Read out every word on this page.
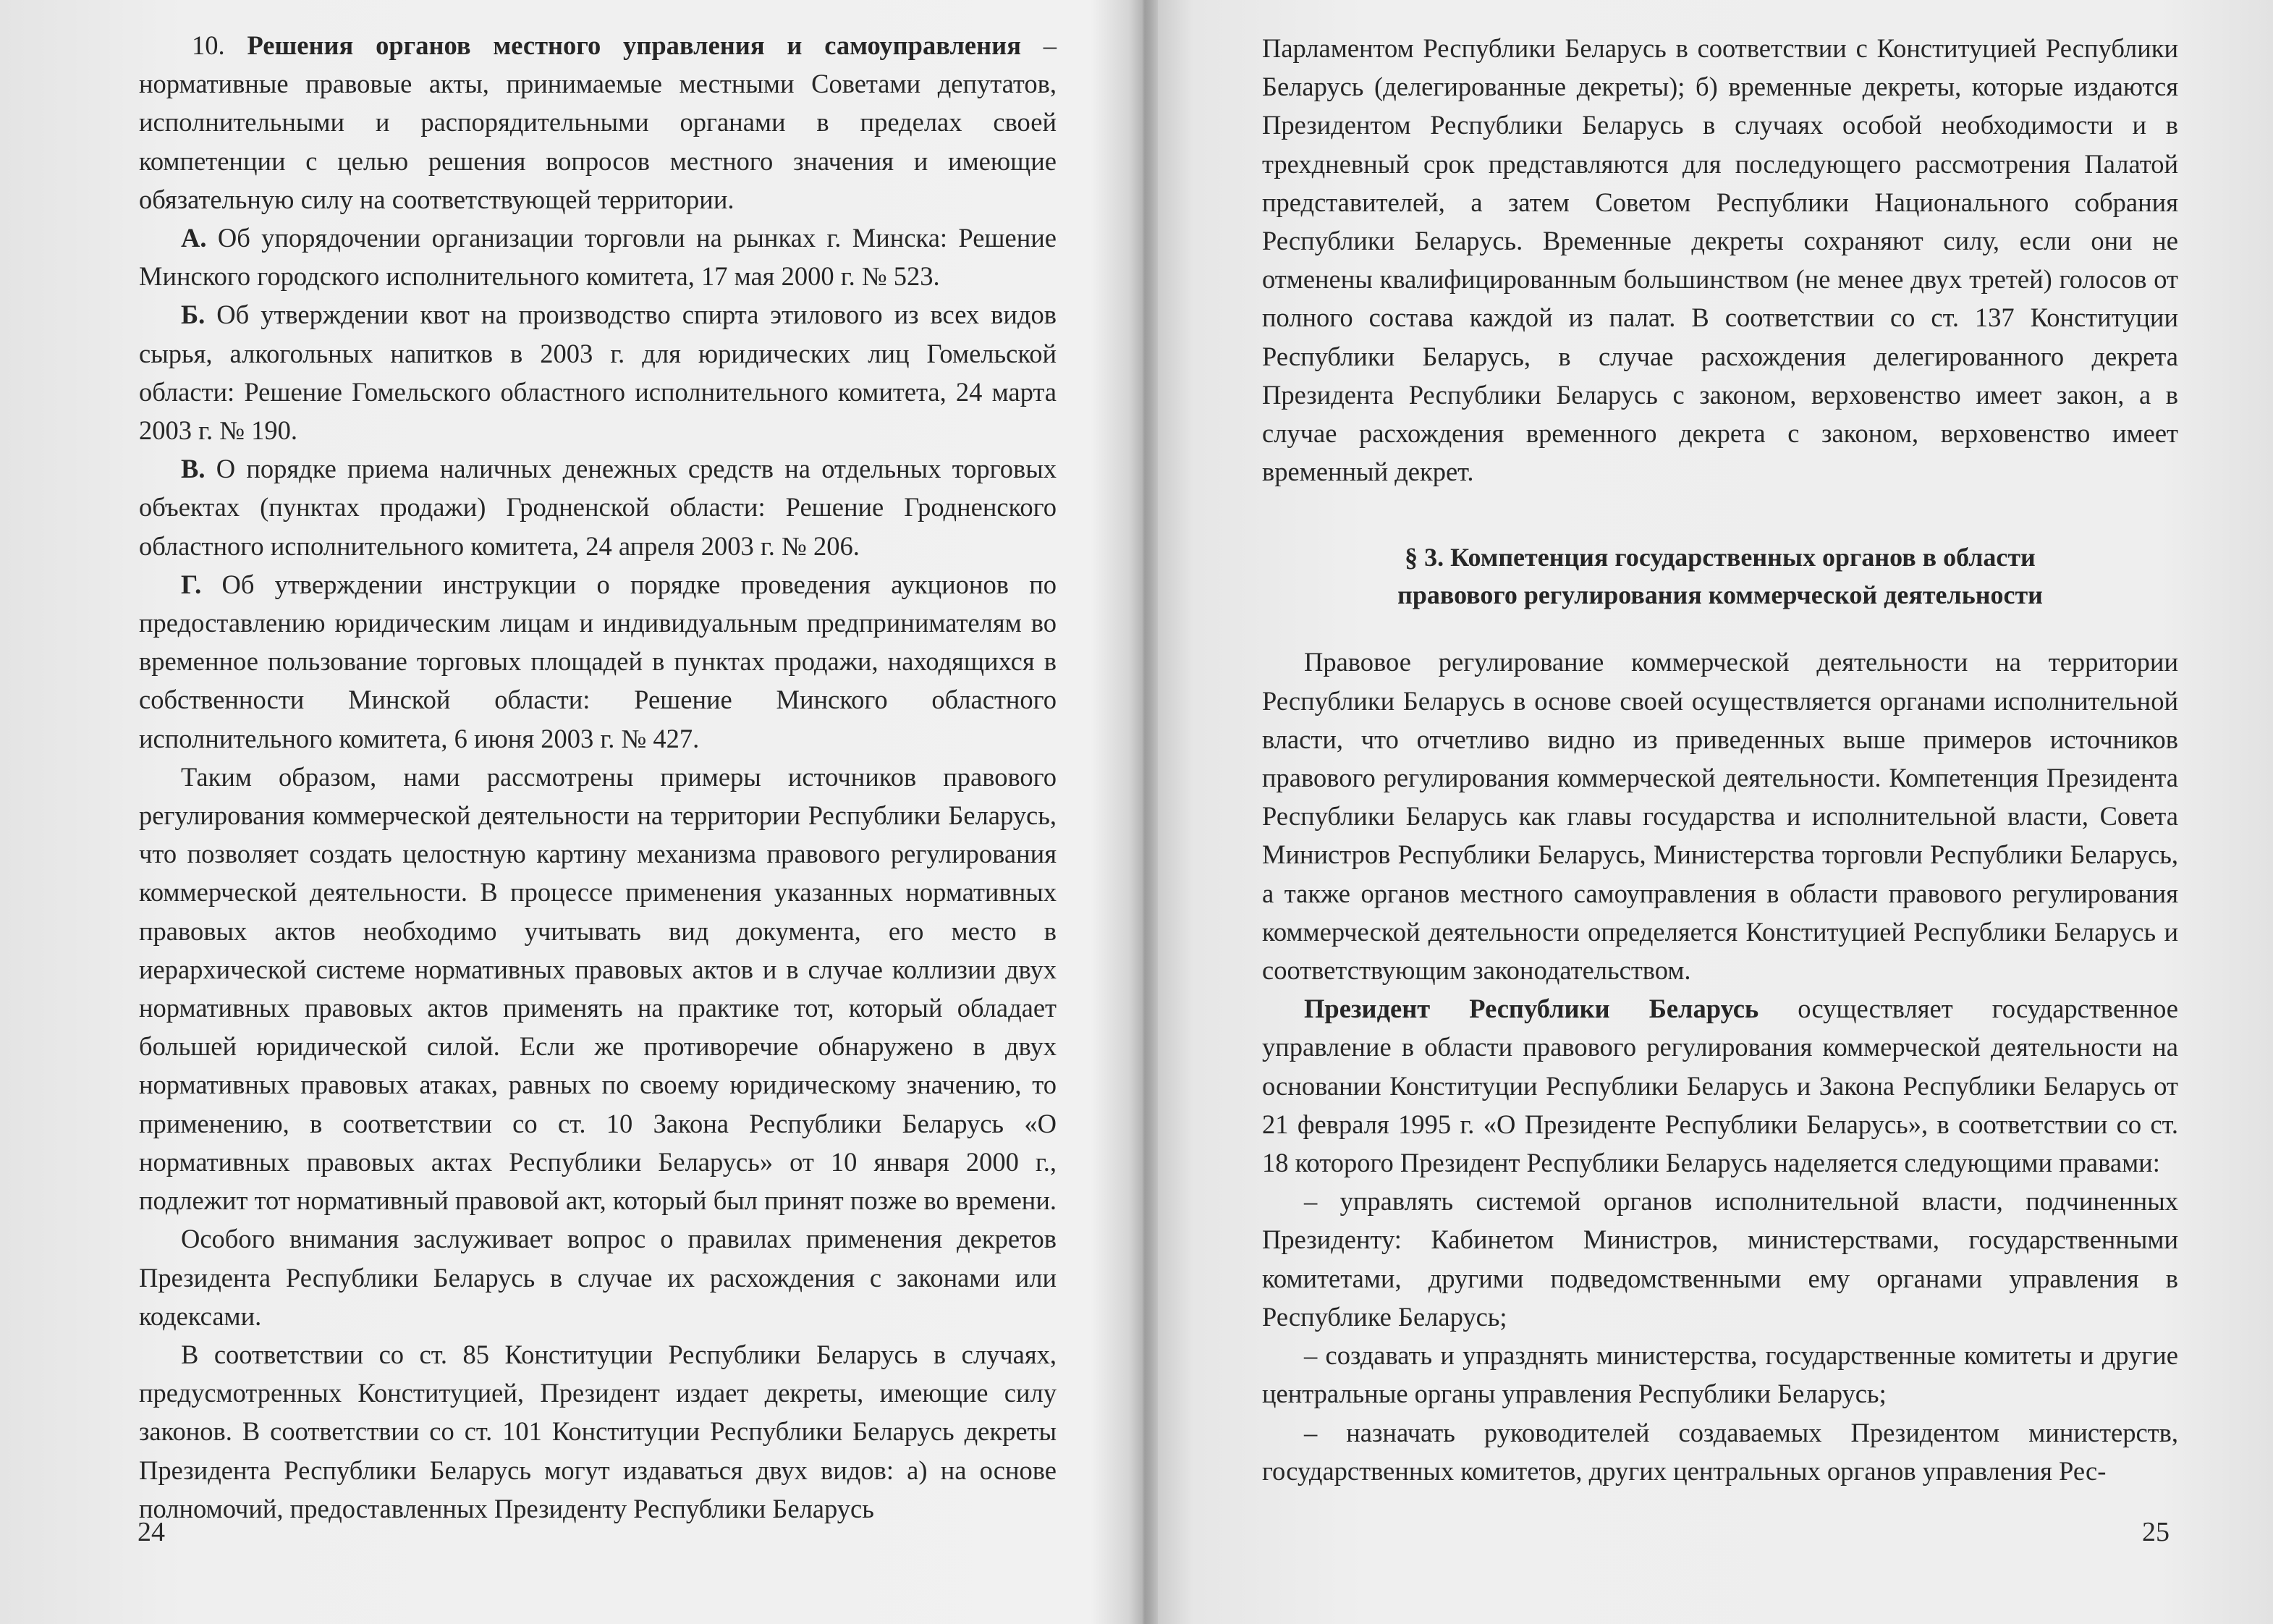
  10. Решения органов местного управления и самоуправления – нормативные правовые акты, принимаемые местными Советами депутатов, исполнительными и распорядительными органами в пределах своей компетенции с целью решения вопросов местного значения и имеющие обязательную силу на соответствующей территории.

А. Об упорядочении организации торговли на рынках г. Минска: Решение Минского городского исполнительного комитета, 17 мая 2000 г. № 523.

Б. Об утверждении квот на производство спирта этилового из всех видов сырья, алкогольных напитков в 2003 г. для юридических лиц Гомельской области: Решение Гомельского областного исполнительного комитета, 24 марта 2003 г. № 190.

В. О порядке приема наличных денежных средств на отдельных торговых объектах (пунктах продажи) Гродненской области: Решение Гродненского областного исполнительного комитета, 24 апреля 2003 г. № 206.

Г. Об утверждении инструкции о порядке проведения аукционов по предоставлению юридическим лицам и индивидуальным предпринимателям во временное пользование торговых площадей в пунктах продажи, находящихся в собственности Минской области: Решение Минского областного исполнительного комитета, 6 июня 2003 г. № 427.

Таким образом, нами рассмотрены примеры источников правового регулирования коммерческой деятельности на территории Республики Беларусь, что позволяет создать целостную картину механизма правового регулирования коммерческой деятельности. В процессе применения указанных нормативных правовых актов необходимо учитывать вид документа, его место в иерархической системе нормативных правовых актов и в случае коллизии двух нормативных правовых актов применять на практике тот, который обладает большей юридической силой. Если же противоречие обнаружено в двух нормативных правовых атаках, равных по своему юридическому значению, то применению, в соответствии со ст. 10 Закона Республики Беларусь «О нормативных правовых актах Республики Беларусь» от 10 января 2000 г., подлежит тот нормативный правовой акт, который был принят позже во времени.

Особого внимания заслуживает вопрос о правилах применения декретов Президента Республики Беларусь в случае их расхождения с законами или кодексами.

В соответствии со ст. 85 Конституции Республики Беларусь в случаях, предусмотренных Конституцией, Президент издает декреты, имеющие силу законов. В соответствии со ст. 101 Конституции Республики Беларусь декреты Президента Республики Беларусь могут издаваться двух видов: а) на основе полномочий, предоставленных Президенту Республики Беларусь

24

Парламентом Республики Беларусь в соответствии с Конституцией Республики Беларусь (делегированные декреты); б) временные декреты, которые издаются Президентом Республики Беларусь в случаях особой необходимости и в трехдневный срок представляются для последующего рассмотрения Палатой представителей, а затем Советом Республики Национального собрания Республики Беларусь. Временные декреты сохраняют силу, если они не отменены квалифицированным большинством (не менее двух третей) голосов от полного состава каждой из палат. В соответствии со ст. 137 Конституции Республики Беларусь, в случае расхождения делегированного декрета Президента Республики Беларусь с законом, верховенство имеет закон, а в случае расхождения временного декрета с законом, верховенство имеет временный декрет.

§ 3. Компетенция государственных органов в области
правового регулирования коммерческой деятельности

Правовое регулирование коммерческой деятельности на территории Республики Беларусь в основе своей осуществляется органами исполнительной власти, что отчетливо видно из приведенных выше примеров источников правового регулирования коммерческой деятельности. Компетенция Президента Республики Беларусь как главы государства и исполнительной власти, Совета Министров Республики Беларусь, Министерства торговли Республики Беларусь, а также органов местного самоуправления в области правового регулирования коммерческой деятельности определяется Конституцией Республики Беларусь и соответствующим законодательством.

Президент Республики Беларусь осуществляет государственное управление в области правового регулирования коммерческой деятельности на основании Конституции Республики Беларусь и Закона Республики Беларусь от 21 февраля 1995 г. «О Президенте Республики Беларусь», в соответствии со ст. 18 которого Президент Республики Беларусь наделяется следующими правами:

– управлять системой органов исполнительной власти, подчиненных Президенту: Кабинетом Министров, министерствами, государственными комитетами, другими подведомственными ему органами управления в Республике Беларусь;

– создавать и упразднять министерства, государственные комитеты и другие центральные органы управления Республики Беларусь;

– назначать руководителей создаваемых Президентом министерств, государственных комитетов, других центральных органов управления Рес-

25
